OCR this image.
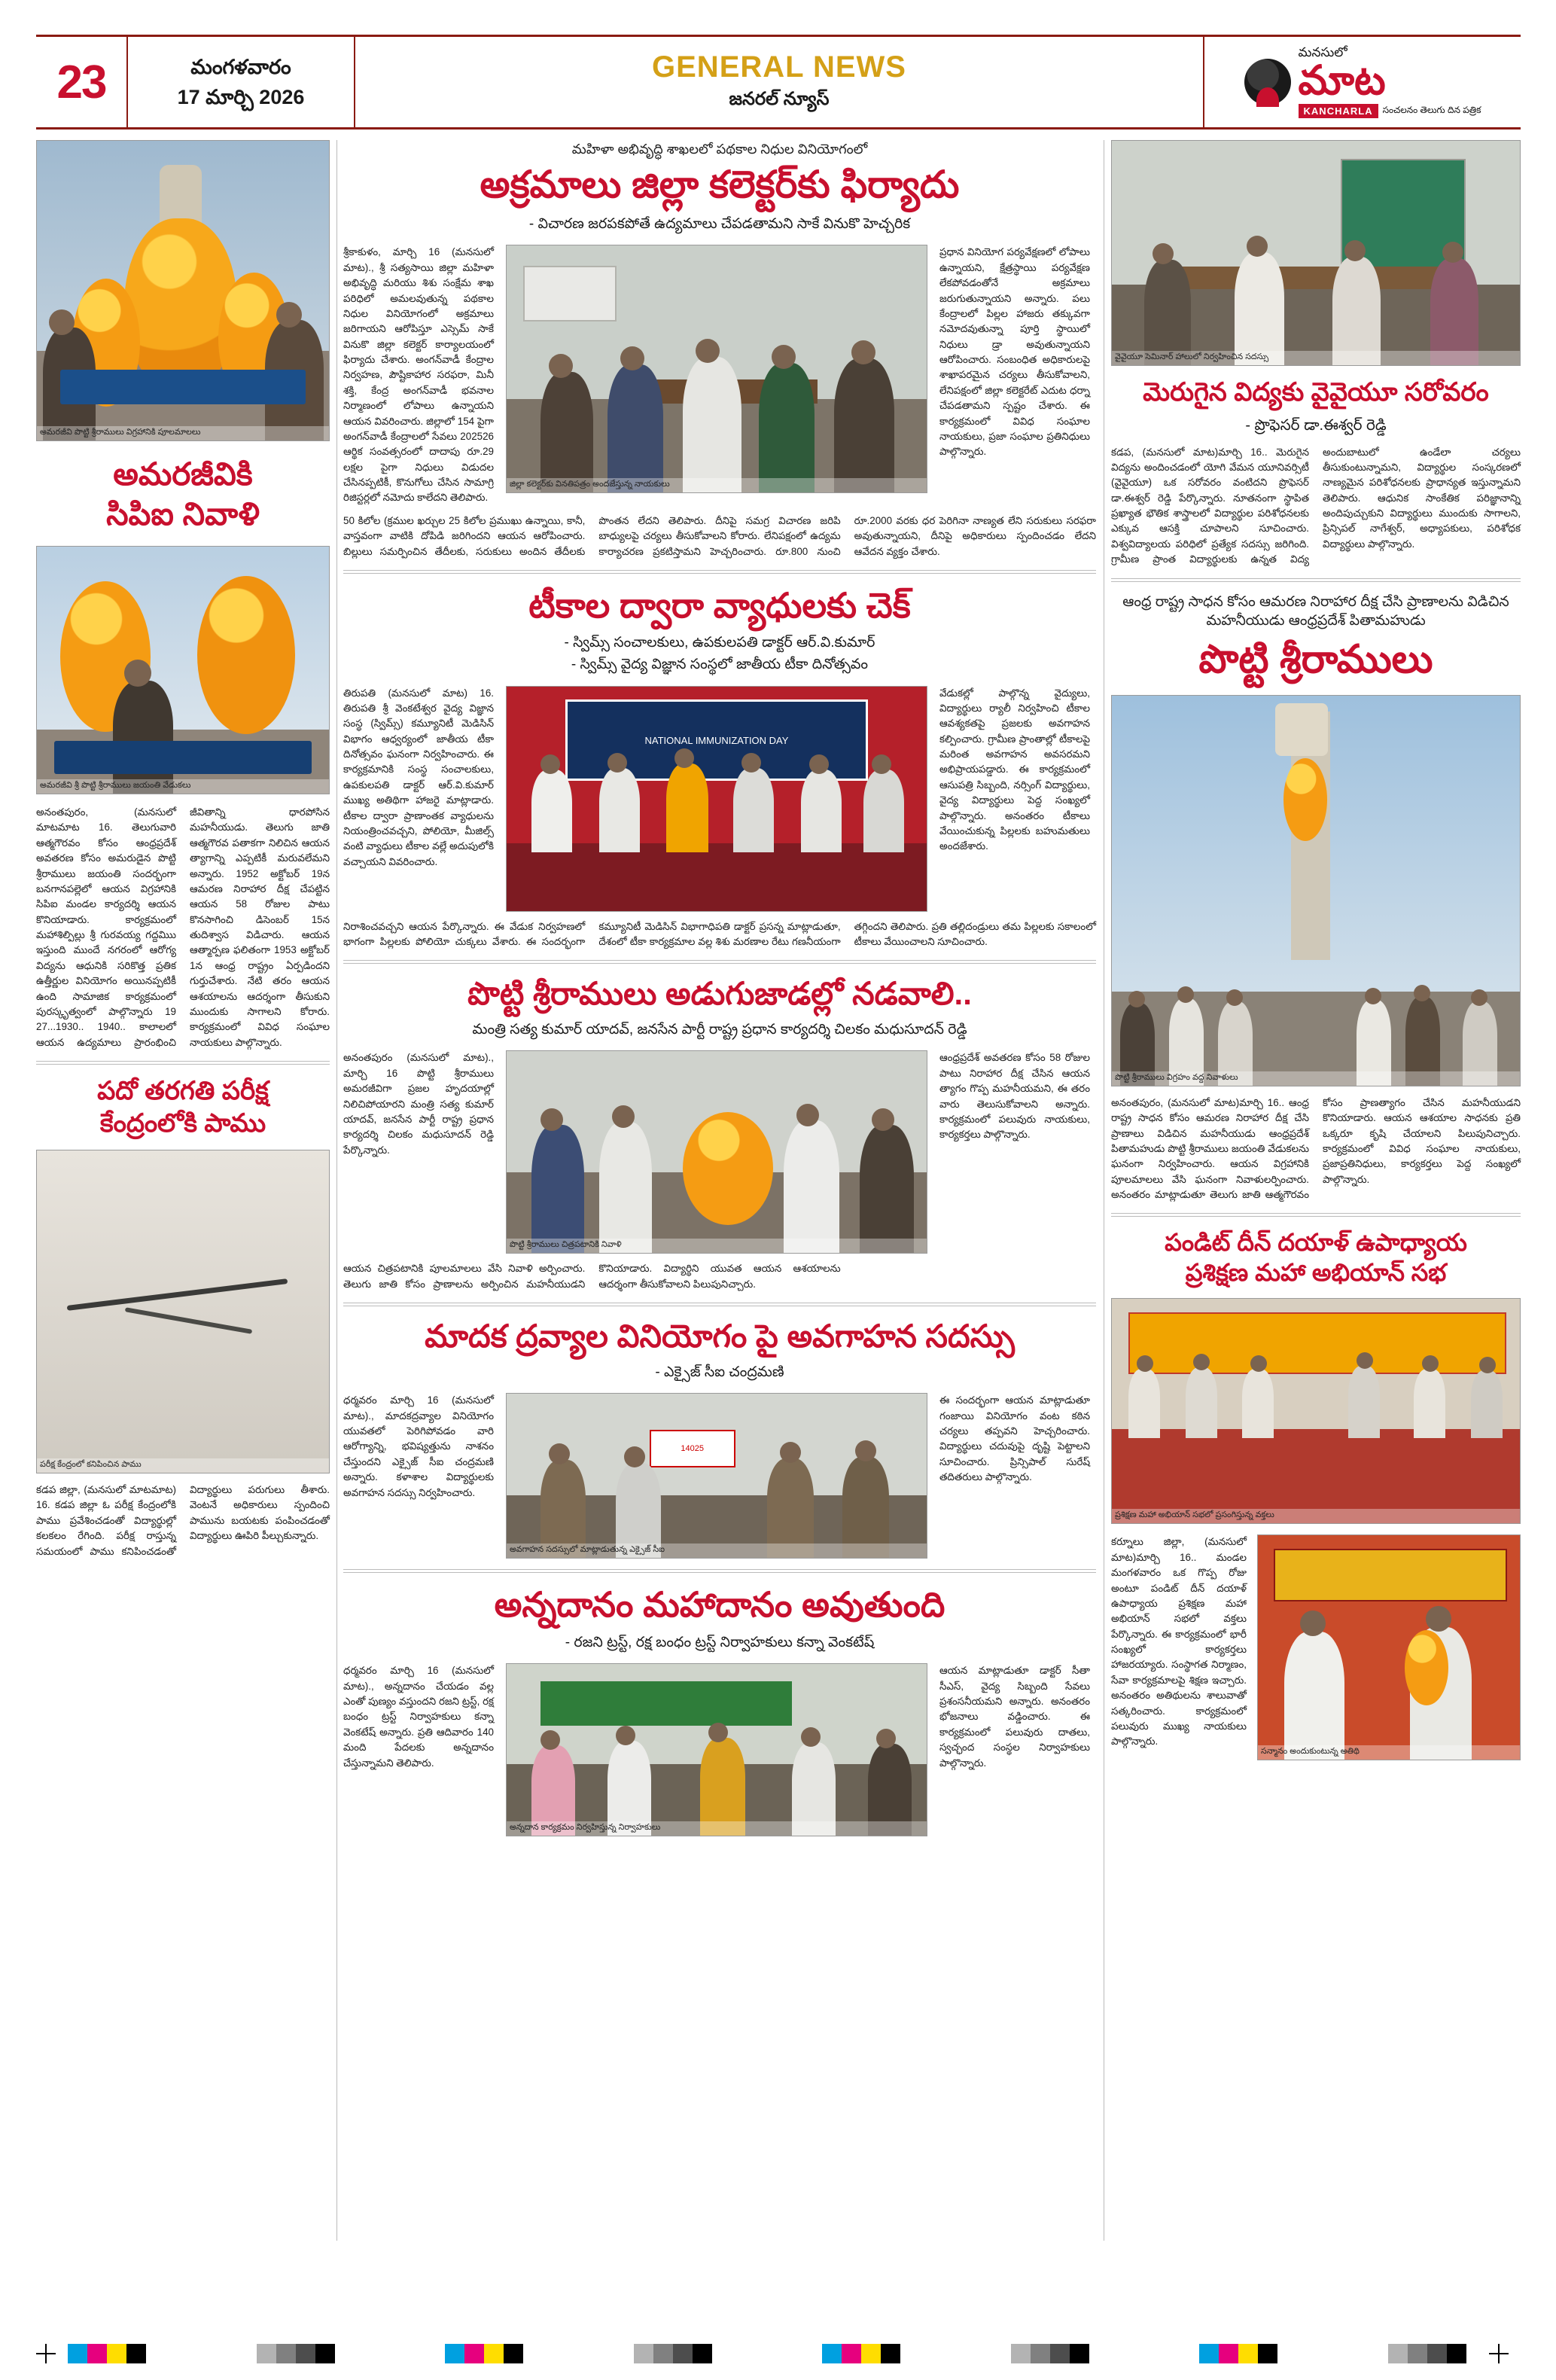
23	మంగళవారం
17 మార్చి 2026
GENERAL NEWS
జనరల్ న్యూస్
మనసులో
మాట
KANCHARLA	సంచలనం తెలుగు దిన పత్రిక
అమరజీవి పొట్టి శ్రీరాములు విగ్రహానికి పూలమాలలు
అమరజీవికి
సిపిఐ నివాళి
అమరజీవి శ్రీ పొట్టి శ్రీరాములు జయంతి వేడుకలు
అనంతపురం, (మనసులో మాటమాట 16. తెలుగువారి ఆత్మగౌరవం కోసం ఆంధ్రప్రదేశ్ అవతరణ కోసం అమరుడైన పొట్టి శ్రీరాములు జయంతి సందర్భంగా బనగానపల్లెలో ఆయన విగ్రహానికి సిపిఐ మండల కార్యదర్శి ఆయన కొనియాడారు. కార్యక్రమంలో మహాశిల్పిల్లు శ్రీ గురవయ్య గద్దమిుు ఇస్తుంది ముందే నగరంలో ఆరోగ్య విద్యను ఆధునికి సరికొత్త ప్రతిక ఉత్తీర్ణుల వినియోగం అయినప్పటికీ ఉంది సామాజిక కార్యక్రమంలో పురస్కృత్వంలో పాల్గొన్నారు 19 27...1930.. 1940.. కాలాలలో ఆయన ఉద్యమాలు ప్రారంభించి జీవితాన్ని ధారపోసిన మహనీయుడు. తెలుగు జాతి ఆత్మగౌరవ పతాకగా నిలిచిన ఆయన త్యాగాన్ని ఎప్పటికీ మరువలేమని అన్నారు. 1952 అక్టోబర్ 19న ఆమరణ నిరాహార దీక్ష చేపట్టిన ఆయన 58 రోజుల పాటు కొనసాగించి డిసెంబర్ 15న తుదిశ్వాస విడిచారు. ఆయన ఆత్మార్పణ ఫలితంగా 1953 అక్టోబర్ 1న ఆంధ్ర రాష్ట్రం ఏర్పడిందని గుర్తుచేశారు. నేటి తరం ఆయన ఆశయాలను ఆదర్శంగా తీసుకుని ముందుకు సాగాలని కోరారు. కార్యక్రమంలో వివిధ సంఘాల నాయకులు పాల్గొన్నారు.
పదో తరగతి పరీక్ష
కేంద్రంలోకి పాము
పరీక్ష కేంద్రంలో కనిపించిన పాము
కడప జిల్లా, (మనసులో మాటమాట) 16. కడప జిల్లా ఓ పరీక్ష కేంద్రంలోకి పాము ప్రవేశించడంతో విద్యార్థుల్లో కలకలం రేగింది. పరీక్ష రాస్తున్న సమయంలో పాము కనిపించడంతో విద్యార్థులు పరుగులు తీశారు. వెంటనే అధికారులు స్పందించి పామును బయటకు పంపించడంతో విద్యార్థులు ఊపిరి పీల్చుకున్నారు.
మహిళా అభివృద్ధి శాఖలలో పథకాల నిధుల వినియోగంలో
అక్రమాలు జిల్లా కలెక్టర్‌కు ఫిర్యాదు
- విచారణ జరపకపోతే ఉద్యమాలు చేపడతామని సాకే వినుకొ హెచ్చరిక
శ్రీకాకుళం, మార్చి 16 (మనసులో మాట)., శ్రీ సత్యసాయి జిల్లా మహిళా అభివృద్ధి మరియు శిశు సంక్షేమ శాఖ పరిధిలో అమలవుతున్న పథకాల నిధుల వినియోగంలో అక్రమాలు జరిగాయని ఆరోపిస్తూ ఎస్సెమ్ సాకే వినుకొ జిల్లా కలెక్టర్ కార్యాలయంలో ఫిర్యాదు చేశారు. అంగన్‌వాడీ కేంద్రాల నిర్వహణ, పౌష్టికాహార సరఫరా, మినీ శక్తి, కేంద్ర అంగన్‌వాడీ భవనాల నిర్మాణంలో లోపాలు ఉన్నాయని ఆయన వివరించారు. జిల్లాలో 154 పైగా అంగన్‌వాడీ కేంద్రాలలో సేవలు 202526 ఆర్థిక సంవత్సరంలో దాదాపు రూ.29 లక్షల పైగా నిధులు విడుదల చేసినప్పటికీ, కొనుగోలు చేసిన సామాగ్రి రిజిస్టర్లలో నమోదు కాలేదని తెలిపారు.
జిల్లా కలెక్టర్‌కు వినతిపత్రం అందజేస్తున్న నాయకులు
ప్రధాన వినియోగ పర్యవేక్షణలో లోపాలు ఉన్నాయని, క్షేత్రస్థాయి పర్యవేక్షణ లేకపోవడంతోనే అక్రమాలు జరుగుతున్నాయని అన్నారు. పలు కేంద్రాలలో పిల్లల హాజరు తక్కువగా నమోదవుతున్నా పూర్తి స్థాయిలో నిధులు డ్రా అవుతున్నాయని ఆరోపించారు. సంబంధిత అధికారులపై శాఖాపరమైన చర్యలు తీసుకోవాలని, లేనిపక్షంలో జిల్లా కలెక్టరేట్ ఎదుట ధర్నా చేపడతామని స్పష్టం చేశారు. ఈ కార్యక్రమంలో వివిధ సంఘాల నాయకులు, ప్రజా సంఘాల ప్రతినిధులు పాల్గొన్నారు.
50 కిలోల (క్రముల ఖర్చుల 25 కిలోల ప్రముఖు ఉన్నాయి, కానీ, వాస్తవంగా వాటికి దోపిడి జరిగిందని ఆయన ఆరోపించారు. బిల్లులు సమర్పించిన తేదీలకు, సరుకులు అందిన తేదీలకు పొంతన లేదని తెలిపారు. దీనిపై సమగ్ర విచారణ జరిపి బాధ్యులపై చర్యలు తీసుకోవాలని కోరారు. లేనిపక్షంలో ఉద్యమ కార్యాచరణ ప్రకటిస్తామని హెచ్చరించారు. రూ.800 నుంచి రూ.2000 వరకు ధర పెరిగినా నాణ్యత లేని సరుకులు సరఫరా అవుతున్నాయని, దీనిపై అధికారులు స్పందించడం లేదని ఆవేదన వ్యక్తం చేశారు.
టీకాల ద్వారా వ్యాధులకు చెక్
- స్విమ్స్ సంచాలకులు, ఉపకులపతి డాక్టర్ ఆర్.వి.కుమార్
- స్విమ్స్ వైద్య విజ్ఞాన సంస్థలో జాతీయ టీకా దినోత్సవం
తిరుపతి (మనసులో మాట) 16. తిరుపతి శ్రీ వెంకటేశ్వర వైద్య విజ్ఞాన సంస్థ (స్విమ్స్) కమ్యూనిటీ మెడిసిన్ విభాగం ఆధ్వర్యంలో జాతీయ టీకా దినోత్సవం ఘనంగా నిర్వహించారు. ఈ కార్యక్రమానికి సంస్థ సంచాలకులు, ఉపకులపతి డాక్టర్ ఆర్.వి.కుమార్ ముఖ్య అతిథిగా హాజరై మాట్లాడారు. టీకాల ద్వారా ప్రాణాంతక వ్యాధులను నియంత్రించవచ్చని, పోలియో, మీజిల్స్ వంటి వ్యాధులు టీకాల వల్లే అదుపులోకి వచ్చాయని వివరించారు.
NATIONAL IMMUNIZATION DAY
వేడుకల్లో పాల్గొన్న వైద్యులు, విద్యార్థులు ర్యాలీ నిర్వహించి టీకాల ఆవశ్యకతపై ప్రజలకు అవగాహన కల్పించారు. గ్రామీణ ప్రాంతాల్లో టీకాలపై మరింత అవగాహన అవసరమని అభిప్రాయపడ్డారు. ఈ కార్యక్రమంలో ఆసుపత్రి సిబ్బంది, నర్సింగ్ విద్యార్థులు, వైద్య విద్యార్థులు పెద్ద సంఖ్యలో పాల్గొన్నారు. అనంతరం టీకాలు వేయించుకున్న పిల్లలకు బహుమతులు అందజేశారు.
నిరాశించవచ్చని ఆయన పేర్కొన్నారు. ఈ వేడుక నిర్వహణలో భాగంగా పిల్లలకు పోలియో చుక్కలు వేశారు. ఈ సందర్భంగా కమ్యూనిటీ మెడిసిన్ విభాగాధిపతి డాక్టర్ ప్రసన్న మాట్లాడుతూ, దేశంలో టీకా కార్యక్రమాల వల్ల శిశు మరణాల రేటు గణనీయంగా తగ్గిందని తెలిపారు. ప్రతి తల్లిదండ్రులు తమ పిల్లలకు సకాలంలో టీకాలు వేయించాలని సూచించారు.
పొట్టి శ్రీరాములు అడుగుజాడల్లో నడవాలి..
మంత్రి సత్య కుమార్ యాదవ్, జనసేన పార్టీ రాష్ట్ర ప్రధాన కార్యదర్శి చిలకం మధుసూదన్ రెడ్డి
అనంతపురం (మనసులో మాట)., మార్చి 16 పొట్టి శ్రీరాములు అమరజీవిగా ప్రజల హృదయాల్లో నిలిచిపోయారని మంత్రి సత్య కుమార్ యాదవ్, జనసేన పార్టీ రాష్ట్ర ప్రధాన కార్యదర్శి చిలకం మధుసూదన్ రెడ్డి పేర్కొన్నారు.
పొట్టి శ్రీరాములు చిత్రపటానికి నివాళి
ఆంధ్రప్రదేశ్ అవతరణ కోసం 58 రోజుల పాటు నిరాహార దీక్ష చేసిన ఆయన త్యాగం గొప్ప మహనీయమని, ఈ తరం వారు తెలుసుకోవాలని అన్నారు. కార్యక్రమంలో పలువురు నాయకులు, కార్యకర్తలు పాల్గొన్నారు.
ఆయన చిత్రపటానికి పూలమాలలు వేసి నివాళి అర్పించారు. తెలుగు జాతి కోసం ప్రాణాలను అర్పించిన మహనీయుడని కొనియాడారు. విద్యార్థిని యువత ఆయన ఆశయాలను ఆదర్శంగా తీసుకోవాలని పిలుపునిచ్చారు.
మాదక ద్రవ్యాల వినియోగం పై అవగాహన సదస్సు
- ఎక్సైజ్ సీఐ చంద్రమణి
ధర్మవరం మార్చి 16 (మనసులో మాట)., మాదకద్రవ్యాల వినియోగం యువతలో పెరిగిపోవడం వారి ఆరోగ్యాన్ని, భవిష్యత్తును నాశనం చేస్తుందని ఎక్సైజ్ సీఐ చంద్రమణి అన్నారు. కళాశాల విద్యార్థులకు అవగాహన సదస్సు నిర్వహించారు.
14025
అవగాహన సదస్సులో మాట్లాడుతున్న ఎక్సైజ్ సీఐ
ఈ సందర్భంగా ఆయన మాట్లాడుతూ గంజాయి వినియోగం వంట కఠిన చర్యలు తప్పవని హెచ్చరించారు. విద్యార్థులు చదువుపై దృష్టి పెట్టాలని సూచించారు. ప్రిన్సిపాల్ సురేష్ తదితరులు పాల్గొన్నారు.
అన్నదానం మహాదానం అవుతుంది
- రజని ట్రస్ట్, రక్ష బంధం ట్రస్ట్ నిర్వాహకులు కన్నా వెంకటేష్
ధర్మవరం మార్చి 16 (మనసులో మాట)., అన్నదానం చేయడం వల్ల ఎంతో పుణ్యం వస్తుందని రజని ట్రస్ట్, రక్ష బంధం ట్రస్ట్ నిర్వాహకులు కన్నా వెంకటేష్ అన్నారు. ప్రతి ఆదివారం 140 మంది పేదలకు అన్నదానం చేస్తున్నామని తెలిపారు.
అన్నదాన కార్యక్రమం నిర్వహిస్తున్న నిర్వాహకులు
ఆయన మాట్లాడుతూ డాక్టర్ సీతా సీఎస్, వైద్య సిబ్బంది సేవలు ప్రశంసనీయమని అన్నారు. అనంతరం భోజనాలు వడ్డించారు. ఈ కార్యక్రమంలో పలువురు దాతలు, స్వచ్ఛంద సంస్థల నిర్వాహకులు పాల్గొన్నారు.
వైవైయూ సెమినార్ హాలులో నిర్వహించిన సదస్సు
మెరుగైన విద్యకు వైవైయూ సరోవరం
- ప్రొఫెసర్ డా.ఈశ్వర్ రెడ్డి
కడప, (మనసులో మాట)మార్చి 16.. మెరుగైన విద్యను అందించడంలో యోగి వేమన యూనివర్సిటీ (వైవైయూ) ఒక సరోవరం వంటిదని ప్రొఫెసర్ డా.ఈశ్వర్ రెడ్డి పేర్కొన్నారు. నూతనంగా స్థాపిత ప్రఖ్యాత భౌతిక శాస్త్రాలలో విద్యార్థుల పరిశోధనలకు ఎక్కువ ఆసక్తి చూపాలని సూచించారు. విశ్వవిద్యాలయ పరిధిలో ప్రత్యేక సదస్సు జరిగింది. గ్రామీణ ప్రాంత విద్యార్థులకు ఉన్నత విద్య అందుబాటులో ఉండేలా చర్యలు తీసుకుంటున్నామని, విద్యార్థుల సంస్కరణలో నాణ్యమైన పరిశోధనలకు ప్రాధాన్యత ఇస్తున్నామని తెలిపారు. ఆధునిక సాంకేతిక పరిజ్ఞానాన్ని అందిపుచ్చుకుని విద్యార్థులు ముందుకు సాగాలని, ప్రిన్సిపల్ నాగేశ్వర్, అధ్యాపకులు, పరిశోధక విద్యార్థులు పాల్గొన్నారు.
ఆంధ్ర రాష్ట్ర సాధన కోసం ఆమరణ నిరాహార దీక్ష చేసి ప్రాణాలను విడిచిన మహనీయుడు ఆంధ్రప్రదేశ్ పితామహుడు
పొట్టి శ్రీరాములు
పొట్టి శ్రీరాములు విగ్రహం వద్ద నివాళులు
అనంతపురం, (మనసులో మాట)మార్చి 16.. ఆంధ్ర రాష్ట్ర సాధన కోసం ఆమరణ నిరాహార దీక్ష చేసి ప్రాణాలు విడిచిన మహనీయుడు ఆంధ్రప్రదేశ్ పితామహుడు పొట్టి శ్రీరాములు జయంతి వేడుకలను ఘనంగా నిర్వహించారు. ఆయన విగ్రహానికి పూలమాలలు వేసి ఘనంగా నివాళులర్పించారు. అనంతరం మాట్లాడుతూ తెలుగు జాతి ఆత్మగౌరవం కోసం ప్రాణత్యాగం చేసిన మహనీయుడని కొనియాడారు. ఆయన ఆశయాల సాధనకు ప్రతి ఒక్కరూ కృషి చేయాలని పిలుపునిచ్చారు. కార్యక్రమంలో వివిధ సంఘాల నాయకులు, ప్రజాప్రతినిధులు, కార్యకర్తలు పెద్ద సంఖ్యలో పాల్గొన్నారు.
పండిట్ దీన్ దయాళ్ ఉపాధ్యాయ
ప్రశిక్షణ మహా అభియాన్ సభ
ప్రశిక్షణ మహా అభియాన్ సభలో ప్రసంగిస్తున్న వక్తలు
కర్నూలు జిల్లా, (మనసులో మాట)మార్చి 16.. మండల మంగళవారం ఒక గొప్ప రోజు అంటూ పండిట్ దీన్ దయాళ్ ఉపాధ్యాయ ప్రశిక్షణ మహా అభియాన్ సభలో వక్తలు పేర్కొన్నారు. ఈ కార్యక్రమంలో భారీ సంఖ్యలో కార్యకర్తలు హాజరయ్యారు. సంస్థాగత నిర్మాణం, సేవా కార్యక్రమాలపై శిక్షణ ఇచ్చారు. అనంతరం అతిథులను శాలువాతో సత్కరించారు. కార్యక్రమంలో పలువురు ముఖ్య నాయకులు పాల్గొన్నారు.
సన్మానం అందుకుంటున్న అతిథి
